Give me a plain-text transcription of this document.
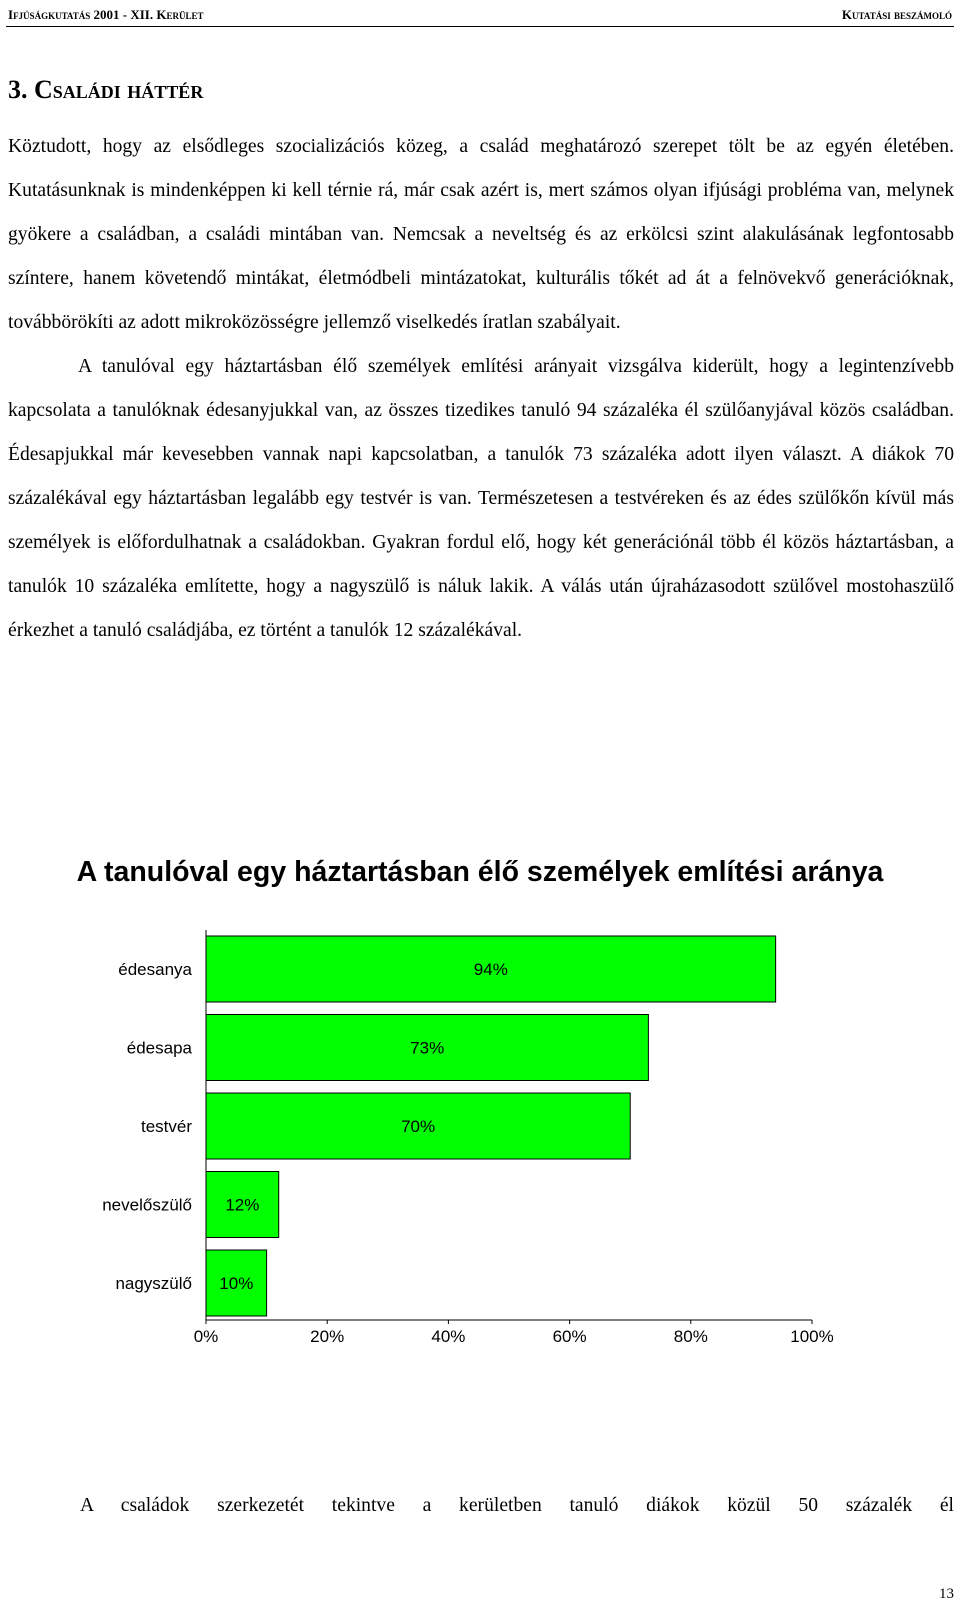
Ifjúságkutatás 2001 - XII. Kerület	Kutatási beszámoló
3. Családi háttér

Köztudott, hogy az elsődleges szocializációs közeg, a család meghatározó szerepet tölt be az egyén életében. Kutatásunknak is mindenképpen ki kell térnie rá, már csak azért is, mert számos olyan ifjúsági probléma van, melynek gyökere a családban, a családi mintában van. Nemcsak a neveltség és az erkölcsi szint alakulásának legfontosabb színtere, hanem követendő mintákat, életmódbeli mintázatokat, kulturális tőkét ad át a felnövekvő generációknak, továbbörökíti az adott mikroközösségre jellemző viselkedés íratlan szabályait.

A tanulóval egy háztartásban élő személyek említési arányait vizsgálva kiderült, hogy a legintenzívebb kapcsolata a tanulóknak édesanyjukkal van, az összes tizedikes tanuló 94 százaléka él szülőanyjával közös családban. Édesapjukkal már kevesebben vannak napi kapcsolatban, a tanulók 73 százaléka adott ilyen választ. A diákok 70 százalékával egy háztartásban legalább egy testvér is van. Természetesen a testvéreken és az édes szülőkőn kívül más személyek is előfordulhatnak a családokban. Gyakran fordul elő, hogy két generációnál több él közös háztartásban, a tanulók 10 százaléka említette, hogy a nagyszülő is náluk lakik. A válás után újraházasodott szülővel mostohaszülő érkezhet a tanuló családjába, ez történt a tanulók 12 százalékával.

A tanulóval egy háztartásban élő személyek említési aránya
édesanya	94%
édesapa	73%
testvér	70%
nevelőszülő 12%
nagyszülő 10%
0%	20%	40%	60%	80%	100%

A családok szerkezetét tekintve a kerületben tanuló diákok közül 50 százalék él

13
